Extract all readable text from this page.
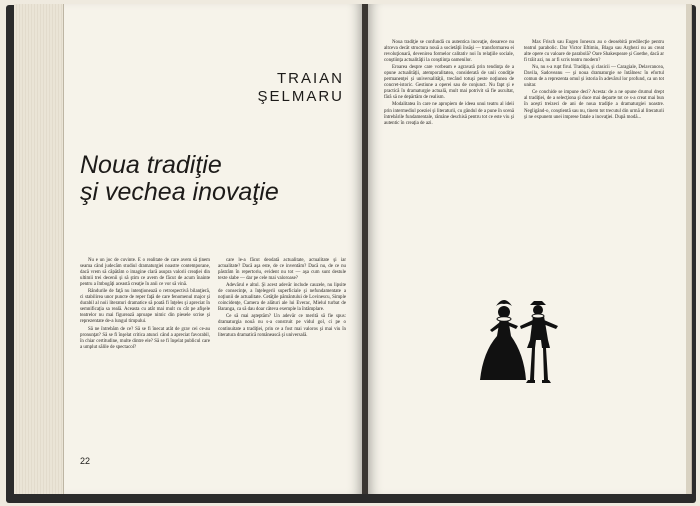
TRAIAN
ŞELMARU
Noua tradiţie
şi vechea inovaţie

Nu e un joc de cuvinte. E o realitate de care avem să ţinem seama când judecăm studiul dramaturgiei noastre contemporane, dacă vrem să căpătăm o imagine clară asupra valorii creaţiei din ultimii trei decenii şi să ştim ce avem de făcut de acum înainte pentru a îmbogăţi această creaţie în anii ce vor să vină.

Rândurile de faţă nu intenţionează o retrospectivă bilanţieră, ci stabilirea unor puncte de reper faţă de care fenomenul major şi durabil al noii literaturi dramatice să poată fi înţeles şi apreciat în semnificaţia sa reală. Aceasta cu atât mai mult cu cât pe afişele teatrelor nu mai figurează aproape nimic din piesele scrise şi reprezentate de-a lungul timpului.

Să ne întrebăm de ce? Să se fi înecat atât de grav cei ce-au pronunţat? Să se fi înşelat critica atunci când a apreciat favorabil, în chiar certitudine, multe dintre ele? Să se fi înşelat publicul care a umplut sălile de spectacol?

care le-a făcut deodată actualitate, actualitate şi iar actualitate? Dacă aşa este, de ce inventăm? Dacă nu, de ce nu păstrăm în repertoriu, evident nu tot — aşa cum sunt destule texte slabe — dar pe cele mai valoroase?

Adevărul e altul. Şi acest adevăr include cauzele, nu lipsite de consecinţe, a înţelegerii superficiale şi nefundamentate a noţiunii de actualitate. Cetăţile pământului de Lovinescu, Simple coincidenţe, Camera de alături ale lui Everac, Mielul turbat de Baranga, ca să dau doar câteva exemple la întâmplare.

Ce să mai aşteptăm? Un adevăr ce merită să fie spus: dramaturgia nouă nu s-a construit pe vidul gol, ci pe o continuitate a tradiţiei, prin ce a fost mai valoros şi mai viu în literatura dramatică românească şi universală.

22

Noua tradiţie se confundă cu autentica inovaţie, deoarece nu altceva decât structura nouă a societăţii însăşi — transformarea ei revoluţionară, devenirea formelor calitativ noi în relaţiile sociale, conştiinţa actualităţii la conştiinţa oamenilor.

Eroarea despre care vorbeam e agravată prin tendinţa de a opune actualităţii, atemporalitatea, considerată de unii condiţie permanenţei şi universalităţii, trecând totuşi peste noţiunea de concret-istoric. Gestiune a operei sau de conjunct. Nu fapt şi e practică în dramaturgie actuală, mult mai potrivit să fie ascultat, fără să ne depărtăm de realism.

Modalitatea în care ne apropiem de ideea unui teatru al ideii prin intermediul poeziei şi literaturii, cu gândul de a pune în scenă întrebările fundamentale, rămâne deschisă pentru tot ce este viu şi autentic în creaţia de azi.

Max Frisch sau Eugen Ionescu au o deosebită predilecţie pentru teatrul parabolic. Dar Victor Eftimiu, Blaga sau Arghezi nu au creat alte opere cu valoare de parabolă? Oare Shakespeare şi Goethe, dacă ar fi trăit azi, nu ar fi scris teatru modern?

Nu, nu s-a rupt firul. Tradiţia, şi clasicii — Caragiale, Delavrancea, Davila, Sadoveanu — şi noua dramaturgie se întâlnesc în efortul comun de a reprezenta omul şi istoria în adevărul lor profund, ca un tot unitar.

Ce conchide se impune deci? Acesta: de a ne opune drumul drept al tradiţiei, de a selecţiona şi duce mai departe tot ce s-a creat mai bun în aceşti treizeci de ani de noua tradiţie a dramaturgiei noastre. Negligând-o, conştientă sau nu, tinem tot trecutul din urmă al literaturii şi ne expunem unei imprese fatale a inovaţiei. După modă...
